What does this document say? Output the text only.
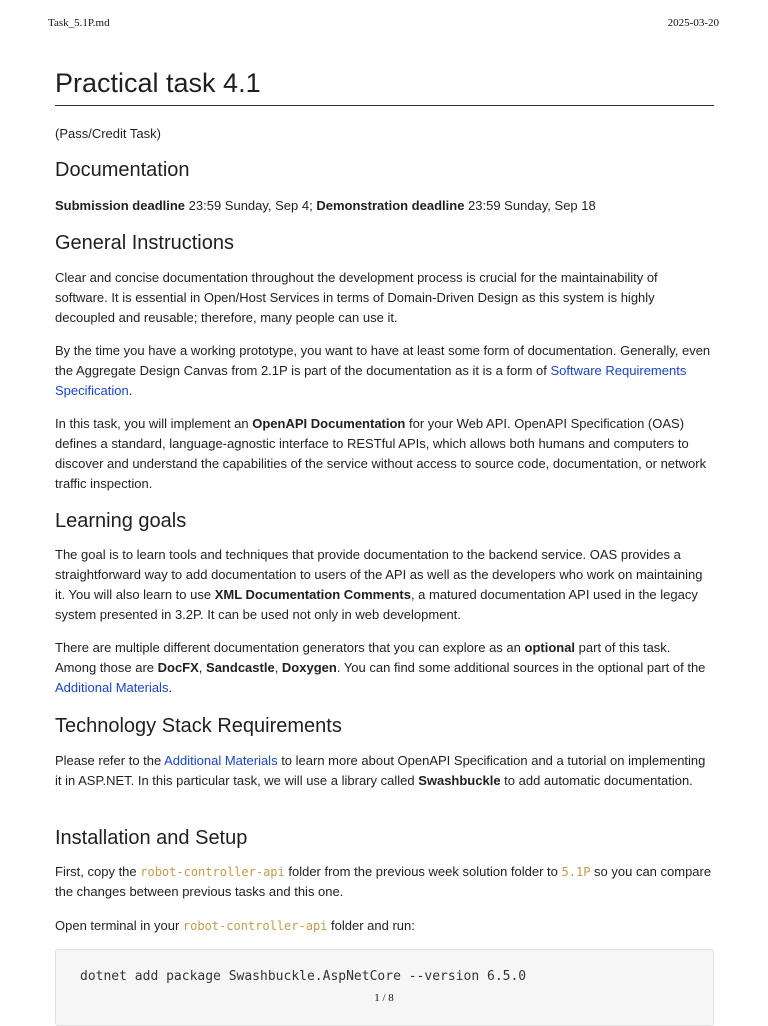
Task_5.1P.md	2025-03-20
Practical task 4.1

(Pass/Credit Task)

Documentation

Submission deadline 23:59 Sunday, Sep 4; Demonstration deadline 23:59 Sunday, Sep 18

General Instructions

Clear and concise documentation throughout the development process is crucial for the maintainability of software. It is essential in Open/Host Services in terms of Domain-Driven Design as this system is highly decoupled and reusable; therefore, many people can use it.

By the time you have a working prototype, you want to have at least some form of documentation. Generally, even the Aggregate Design Canvas from 2.1P is part of the documentation as it is a form of Software Requirements Specification.

In this task, you will implement an OpenAPI Documentation for your Web API. OpenAPI Specification (OAS) defines a standard, language-agnostic interface to RESTful APIs, which allows both humans and computers to discover and understand the capabilities of the service without access to source code, documentation, or network traffic inspection.

Learning goals

The goal is to learn tools and techniques that provide documentation to the backend service. OAS provides a straightforward way to add documentation to users of the API as well as the developers who work on maintaining it. You will also learn to use XML Documentation Comments, a matured documentation API used in the legacy system presented in 3.2P. It can be used not only in web development.

There are multiple different documentation generators that you can explore as an optional part of this task. Among those are DocFX, Sandcastle, Doxygen. You can find some additional sources in the optional part of the Additional Materials.

Technology Stack Requirements

Please refer to the Additional Materials to learn more about OpenAPI Specification and a tutorial on implementing it in ASP.NET. In this particular task, we will use a library called Swashbuckle to add automatic documentation.

Installation and Setup

First, copy the robot-controller-api folder from the previous week solution folder to 5.1P so you can compare the changes between previous tasks and this one.

Open terminal in your robot-controller-api folder and run:

dotnet add package Swashbuckle.AspNetCore --version 6.5.0
1 / 8
